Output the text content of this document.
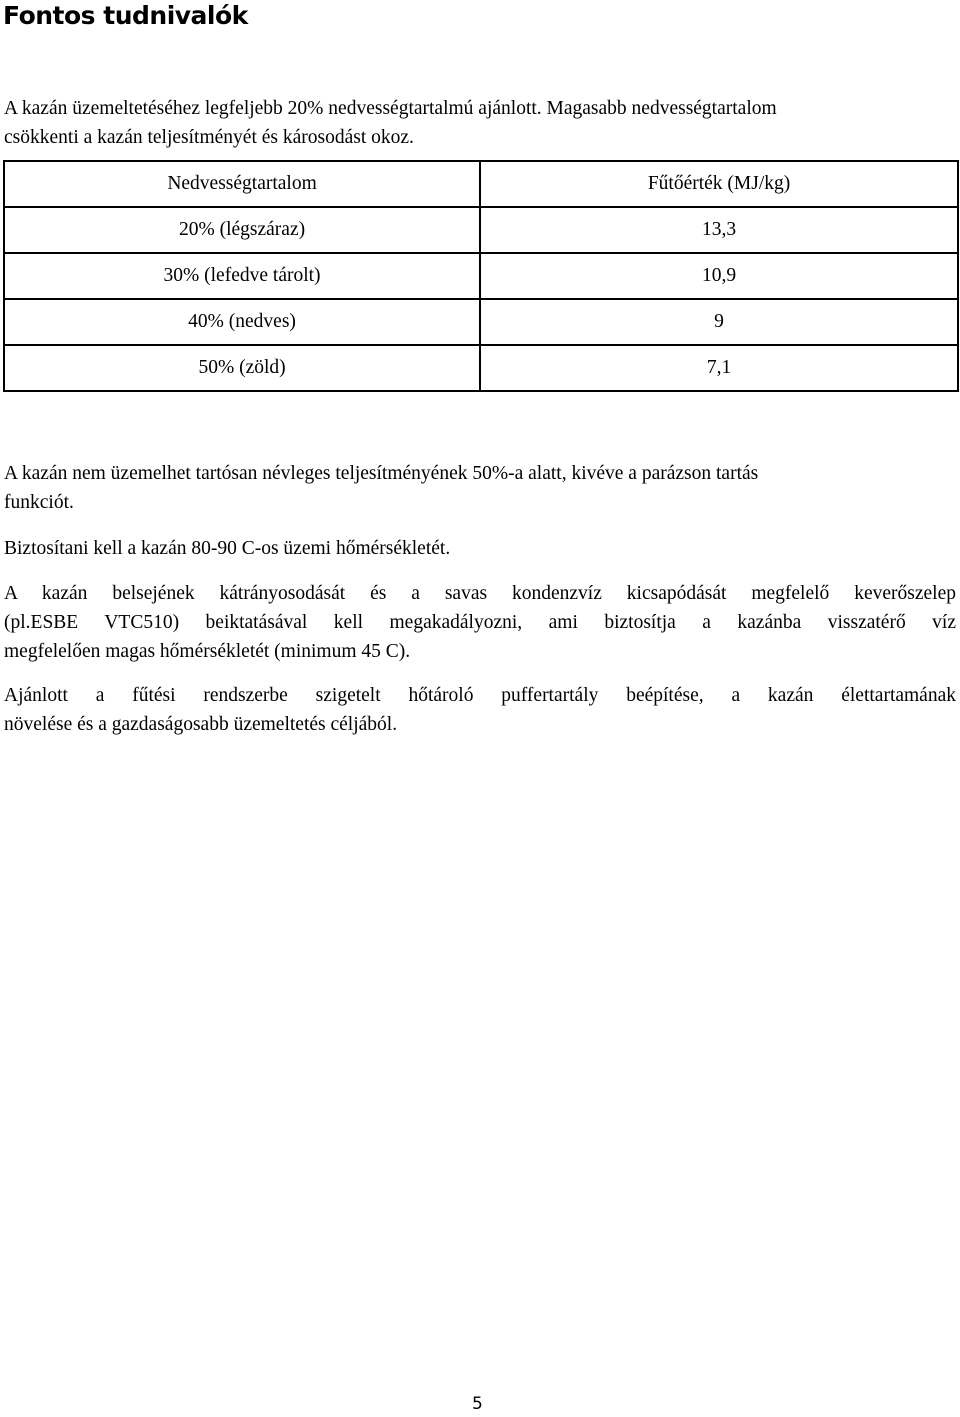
Fontos tudnivalók

A kazán üzemeltetéséhez legfeljebb 20% nedvességtartalmú ajánlott. Magasabb nedvességtartalom
csökkenti a kazán teljesítményét és károsodást okoz.

Nedvességtartalom	Fűtőérték (MJ/kg)
20% (légszáraz)	13,3
30% (lefedve tárolt)	10,9
40% (nedves)	9
50% (zöld)	7,1

A kazán nem üzemelhet tartósan névleges teljesítményének 50%-a alatt, kivéve a parázson tartás
funkciót.

Biztosítani kell a kazán 80-90 C-os üzemi hőmérsékletét.

A kazán belsejének kátrányosodását és a savas kondenzvíz kicsapódását megfelelő keverőszelep
(pl.ESBE VTC510) beiktatásával kell megakadályozni, ami biztosítja a kazánba visszatérő víz
megfelelően magas hőmérsékletét (minimum 45 C).

Ajánlott a fűtési rendszerbe szigetelt hőtároló puffertartály beépítése, a kazán élettartamának
növelése és a gazdaságosabb üzemeltetés céljából.

5
